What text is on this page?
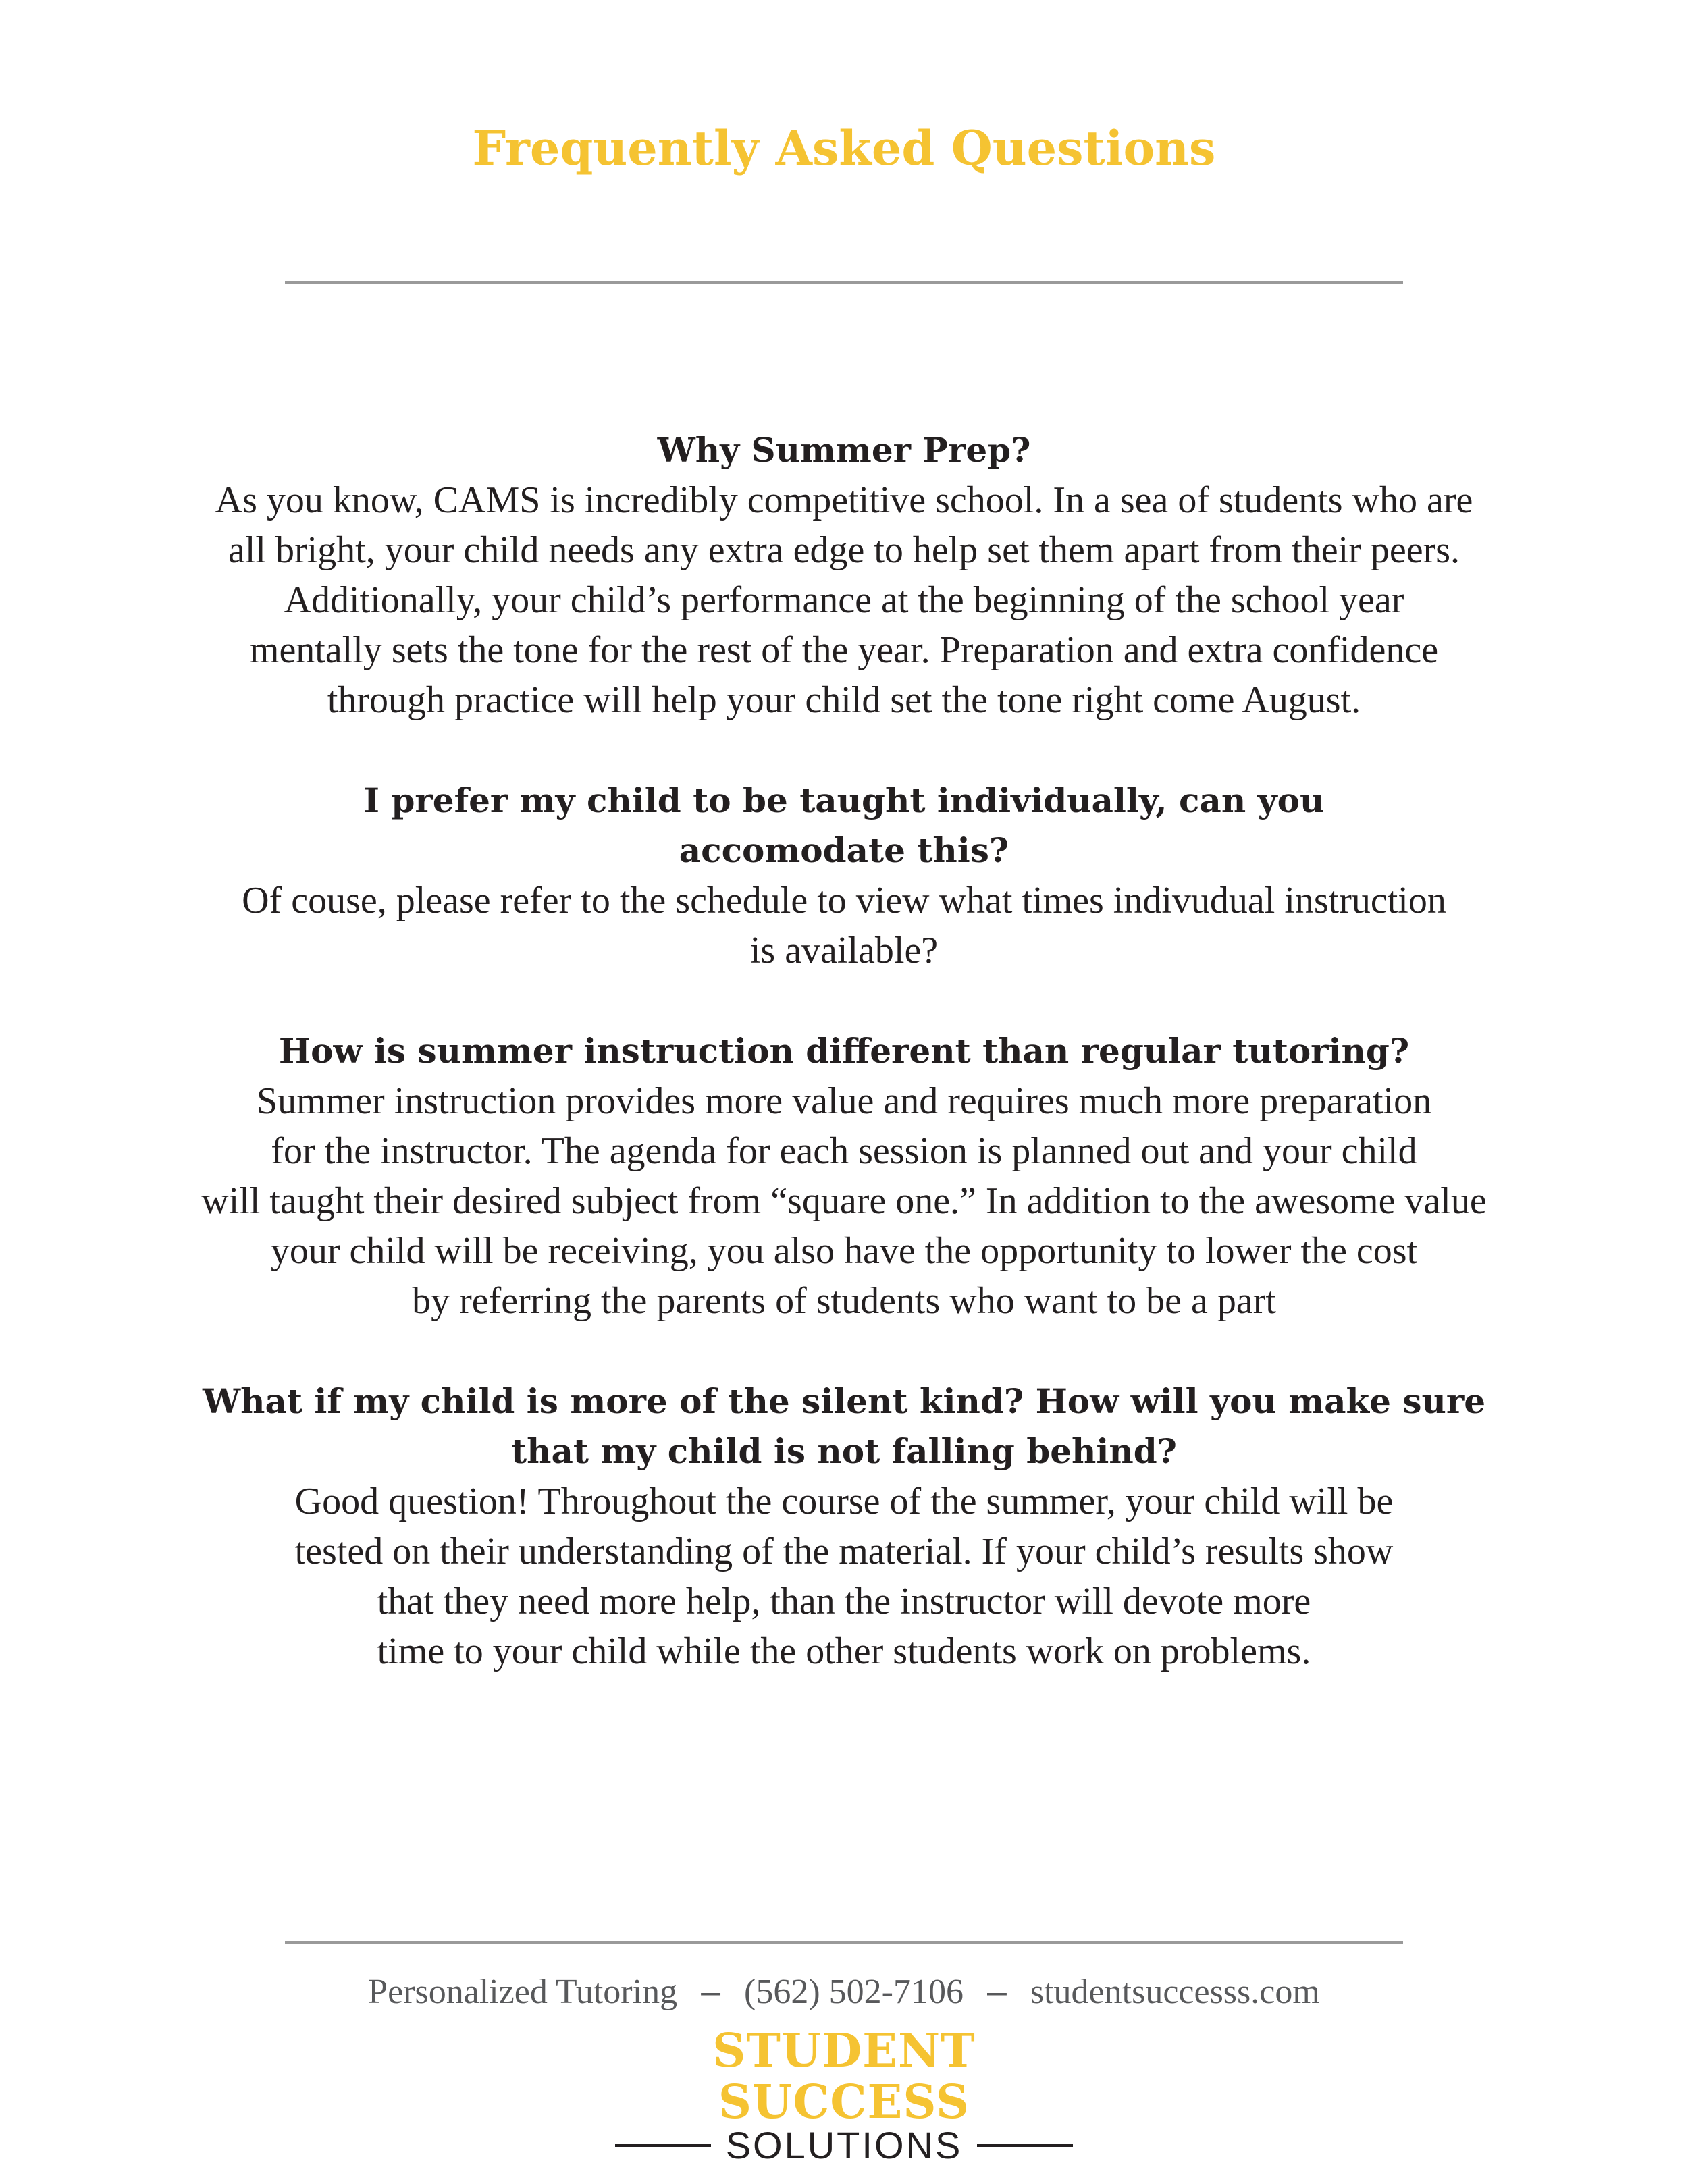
Frequently Asked Questions

Why Summer Prep?

As you know, CAMS is incredibly competitive school. In a sea of students who are
all bright, your child needs any extra edge to help set them apart from their peers.
Additionally, your child’s performance at the beginning of the school year
mentally sets the tone for the rest of the year. Preparation and extra confidence
through practice will help your child set the tone right come August.

I prefer my child to be taught individually, can you
accomodate this?

Of couse, please refer to the schedule to view what times indivudual instruction
is available?

How is summer instruction different than regular tutoring?

Summer instruction provides more value and requires much more preparation
for the instructor. The agenda for each session is planned out and your child
will taught their desired subject from “square one.” In addition to the awesome value
your child will be receiving, you also have the opportunity to lower the cost
by referring the parents of students who want to be a part

What if my child is more of the silent kind? How will you make sure
that my child is not falling behind?

Good question! Throughout the course of the summer, your child will be
tested on their understanding of the material. If your child’s results show
that they need more help, than the instructor will devote more
time to your child while the other students work on problems.

Personalized Tutoring – (562) 502-7106 – studentsuccesss.com
STUDENT SUCCESS
SOLUTIONS
